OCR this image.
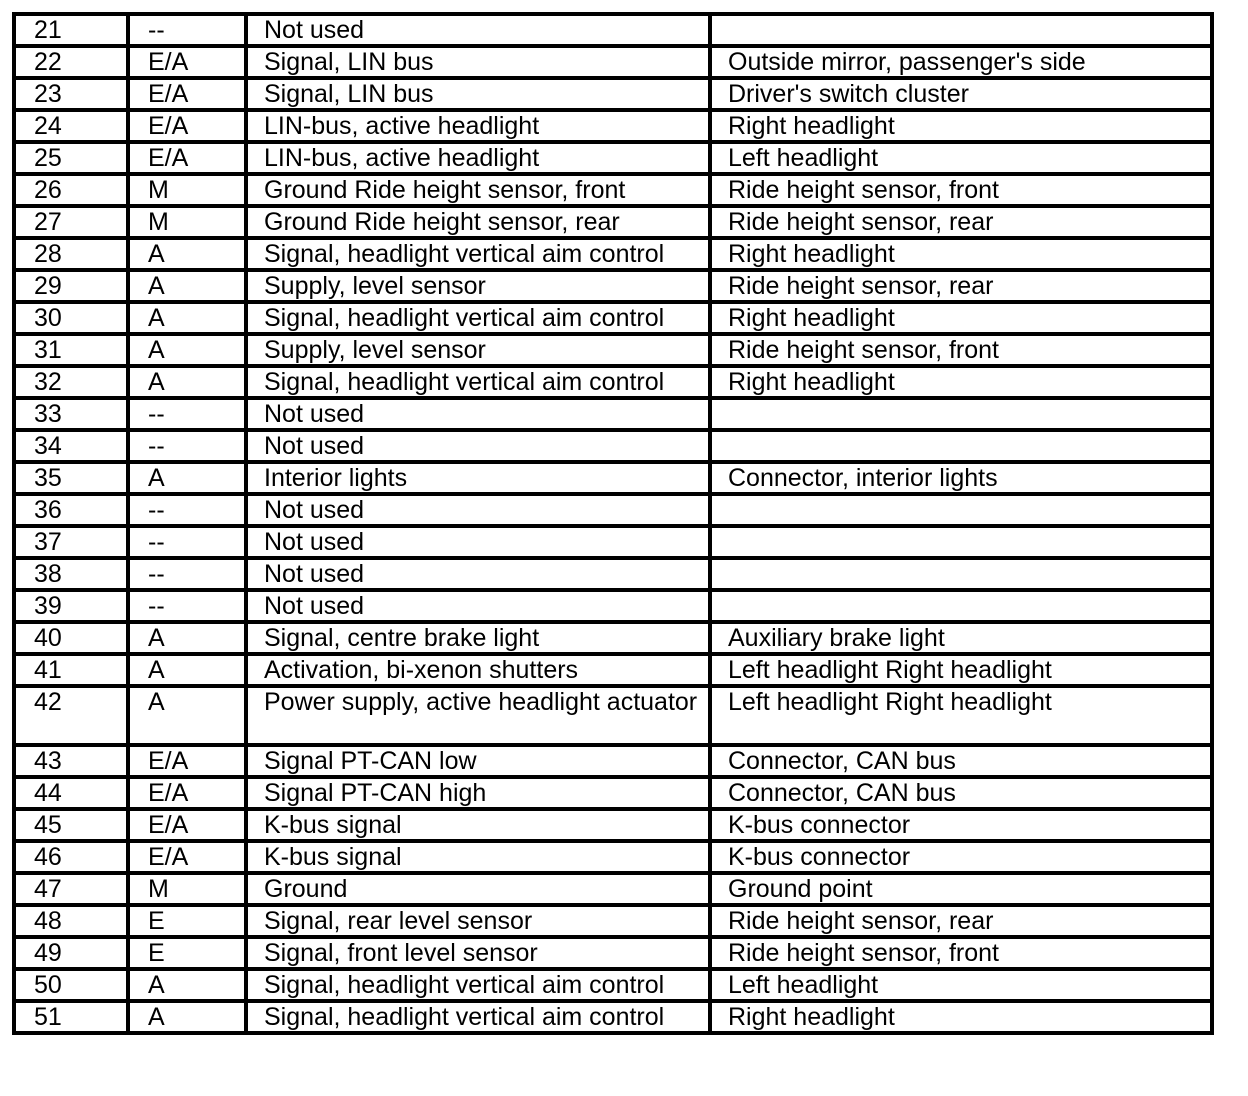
21	--	Not used	
22	E/A	Signal, LIN bus	Outside mirror, passenger's side
23	E/A	Signal, LIN bus	Driver's switch cluster
24	E/A	LIN-bus, active headlight	Right headlight
25	E/A	LIN-bus, active headlight	Left headlight
26	M	Ground Ride height sensor, front	Ride height sensor, front
27	M	Ground Ride height sensor, rear	Ride height sensor, rear
28	A	Signal, headlight vertical aim control	Right headlight
29	A	Supply, level sensor	Ride height sensor, rear
30	A	Signal, headlight vertical aim control	Right headlight
31	A	Supply, level sensor	Ride height sensor, front
32	A	Signal, headlight vertical aim control	Right headlight
33	--	Not used	
34	--	Not used	
35	A	Interior lights	Connector, interior lights
36	--	Not used	
37	--	Not used	
38	--	Not used	
39	--	Not used	
40	A	Signal, centre brake light	Auxiliary brake light
41	A	Activation, bi-xenon shutters	Left headlight Right headlight
42	A	Power supply, active headlight actuator	Left headlight Right headlight
43	E/A	Signal PT-CAN low	Connector, CAN bus
44	E/A	Signal PT-CAN high	Connector, CAN bus
45	E/A	K-bus signal	K-bus connector
46	E/A	K-bus signal	K-bus connector
47	M	Ground	Ground point
48	E	Signal, rear level sensor	Ride height sensor, rear
49	E	Signal, front level sensor	Ride height sensor, front
50	A	Signal, headlight vertical aim control	Left headlight
51	A	Signal, headlight vertical aim control	Right headlight
